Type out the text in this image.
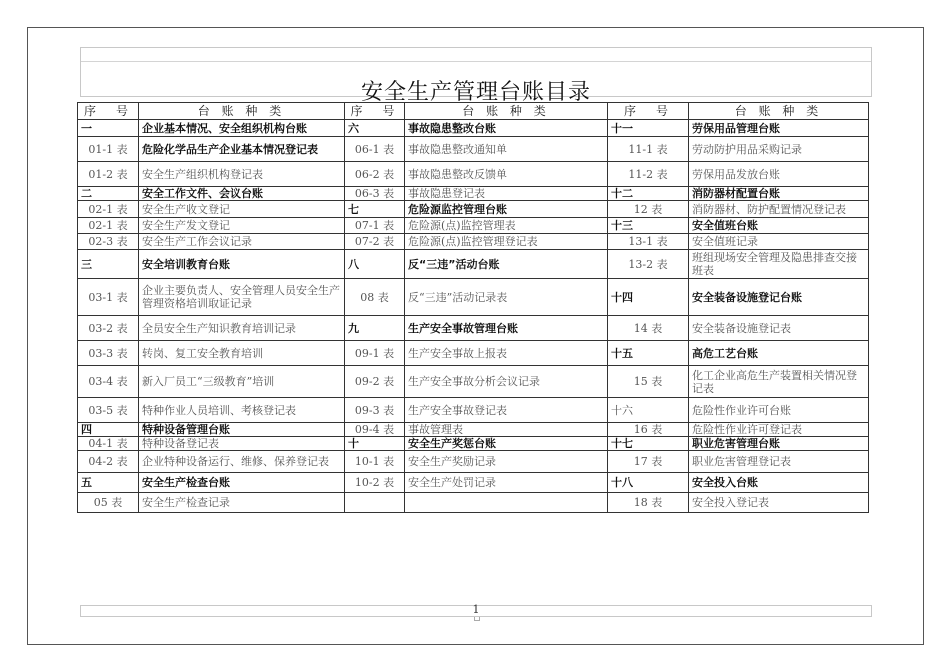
安全生产管理台账目录
序　号	台 账 种 类	序　号	台 账 种 类	序　号	台 账 种 类
一	企业基本情况、安全组织机构台账	六	事故隐患整改台账	十一	劳保用品管理台账
01-1 表	危险化学品生产企业基本情况登记表	06-1 表	事故隐患整改通知单	11-1 表	劳动防护用品采购记录
01-2 表	安全生产组织机构登记表	06-2 表	事故隐患整改反馈单	11-2 表	劳保用品发放台账
二	安全工作文件、会议台账	06-3 表	事故隐患登记表	十二	消防器材配置台账
02-1 表	安全生产收文登记	七	危险源监控管理台账	12 表	消防器材、防护配置情况登记表
02-1 表	安全生产发文登记	07-1 表	危险源(点)监控管理表	十三	安全值班台账
02-3 表	安全生产工作会议记录	07-2 表	危险源(点)监控管理登记表	13-1 表	安全值班记录
三	安全培训教育台账	八	反“三违”活动台账	13-2 表	班组现场安全管理及隐患排查交接班表
03-1 表	企业主要负责人、安全管理人员安全生产管理资格培训取证记录	08 表	反“三违”活动记录表	十四	安全装备设施登记台账
03-2 表	全员安全生产知识教育培训记录	九	生产安全事故管理台账	14 表	安全装备设施登记表
03-3 表	转岗、复工安全教育培训	09-1 表	生产安全事故上报表	十五	高危工艺台账
03-4 表	新入厂员工“三级教育”培训	09-2 表	生产安全事故分析会议记录	15 表	化工企业高危生产装置相关情况登记表
03-5 表	特种作业人员培训、考核登记表	09-3 表	生产安全事故登记表	十六	危险性作业许可台账
四	特种设备管理台账	09-4 表	事故管理表	16 表	危险性作业许可登记表
04-1 表	特种设备登记表	十	安全生产奖惩台账	十七	职业危害管理台账
04-2 表	企业特种设备运行、维修、保养登记表	10-1 表	安全生产奖励记录	17 表	职业危害管理登记表
五	安全生产检查台账	10-2 表	安全生产处罚记录	十八	安全投入台账
05 表	安全生产检查记录			18 表	安全投入登记表
1
